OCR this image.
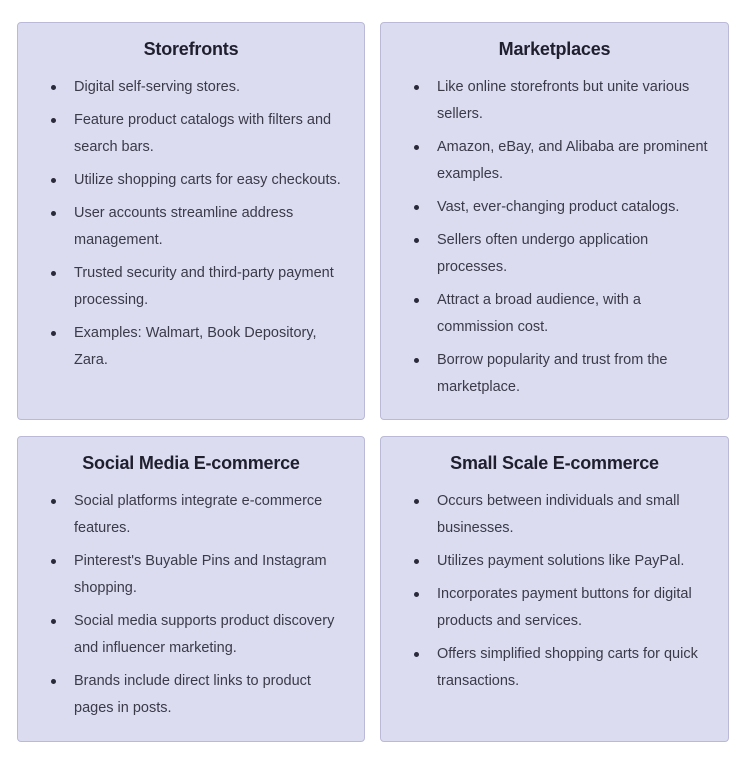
Storefronts
Digital self-serving stores.
Feature product catalogs with filters and search bars.
Utilize shopping carts for easy checkouts.
User accounts streamline address management.
Trusted security and third-party payment processing.
Examples: Walmart, Book Depository, Zara.
Marketplaces
Like online storefronts but unite various sellers.
Amazon, eBay, and Alibaba are prominent examples.
Vast, ever-changing product catalogs.
Sellers often undergo application processes.
Attract a broad audience, with a commission cost.
Borrow popularity and trust from the marketplace.
Social Media E-commerce
Social platforms integrate e-commerce features.
Pinterest's Buyable Pins and Instagram shopping.
Social media supports product discovery and influencer marketing.
Brands include direct links to product pages in posts.
Small Scale E-commerce
Occurs between individuals and small businesses.
Utilizes payment solutions like PayPal.
Incorporates payment buttons for digital products and services.
Offers simplified shopping carts for quick transactions.
